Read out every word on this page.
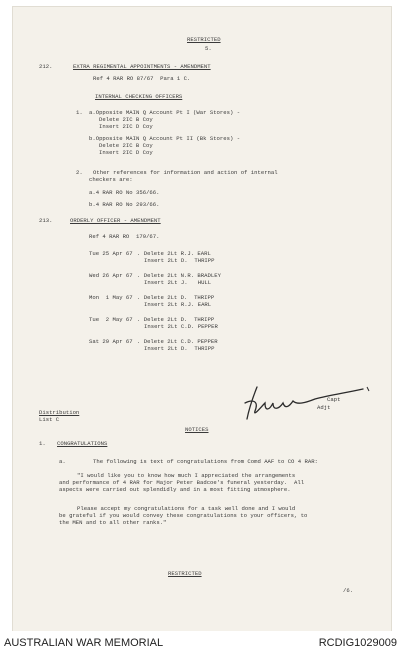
RESTRICTED
5.
212.	EXTRA REGIMENTAL APPOINTMENTS - AMENDMENT
Ref 4 RAR RO 87/67  Para 1 C.
INTERNAL CHECKING OFFICERS
1. a.Opposite MAIN Q Account Pt I (War Stores) -
Delete 2IC B Coy
Insert 2IC D Coy
b.Opposite MAIN Q Account Pt II (Bk Stores) -
Delete 2IC B Coy
Insert 2IC D Coy
2. Other references for information and action of internal
checkers are:
a.4 RAR RO No 356/66.
b.4 RAR RO No 293/66.
213.	ORDERLY OFFICER - AMENDMENT
Ref 4 RAR RO  179/67.
Tue 25 Apr 67 . Delete 2Lt R.J. EARL
Insert 2Lt D.  THRIPP
Wed 26 Apr 67 . Delete 2Lt N.R. BRADLEY
Insert 2Lt J.   HULL
Mon  1 May 67 . Delete 2Lt D.  THRIPP
Insert 2Lt R.J. EARL
Tue  2 May 67 . Delete 2Lt D.  THRIPP
Insert 2Lt C.D. PEPPER
Sat 29 Apr 67 . Delete 2Lt C.D. PEPPER
Insert 2Lt D.  THRIPP
Capt
Adjt
Distribution
List C
NOTICES
1. CONGRATULATIONS
a.	The following is text of congratulations from Comd AAF to CO 4 RAR:
"I would like you to know how much I appreciated the arrangements
and performance of 4 RAR for Major Peter Badcoe's funeral yesterday.  All
aspects were carried out splendidly and in a most fitting atmosphere.
Please accept my congratulations for a task well done and I would
be grateful if you would convey these congratulations to your officers, to
the MEN and to all other ranks."
RESTRICTED
/6.
AUSTRALIAN WAR MEMORIAL	RCDIG1029009
